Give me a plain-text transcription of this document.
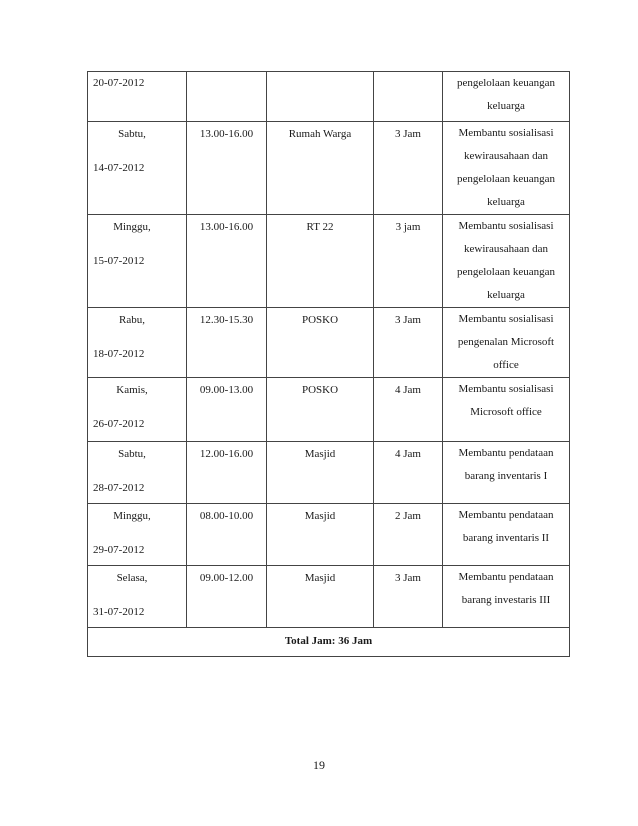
20-07-2012				pengelolaan keuangan
keluarga

Sabtu,
14-07-2012	13.00-16.00	Rumah Warga	3 Jam	Membantu sosialisasi
kewirausahaan dan
pengelolaan keuangan
keluarga

Minggu,
15-07-2012	13.00-16.00	RT 22	3 jam	Membantu sosialisasi
kewirausahaan dan
pengelolaan keuangan
keluarga

Rabu,
18-07-2012	12.30-15.30	POSKO	3 Jam	Membantu sosialisasi
pengenalan Microsoft
office

Kamis,
26-07-2012	09.00-13.00	POSKO	4 Jam	Membantu sosialisasi
Microsoft office

Sabtu,
28-07-2012	12.00-16.00	Masjid	4 Jam	Membantu pendataan
barang inventaris I

Minggu,
29-07-2012	08.00-10.00	Masjid	2 Jam	Membantu pendataan
barang inventaris II

Selasa,
31-07-2012	09.00-12.00	Masjid	3 Jam	Membantu pendataan
barang investaris III

Total Jam: 36 Jam				
19
